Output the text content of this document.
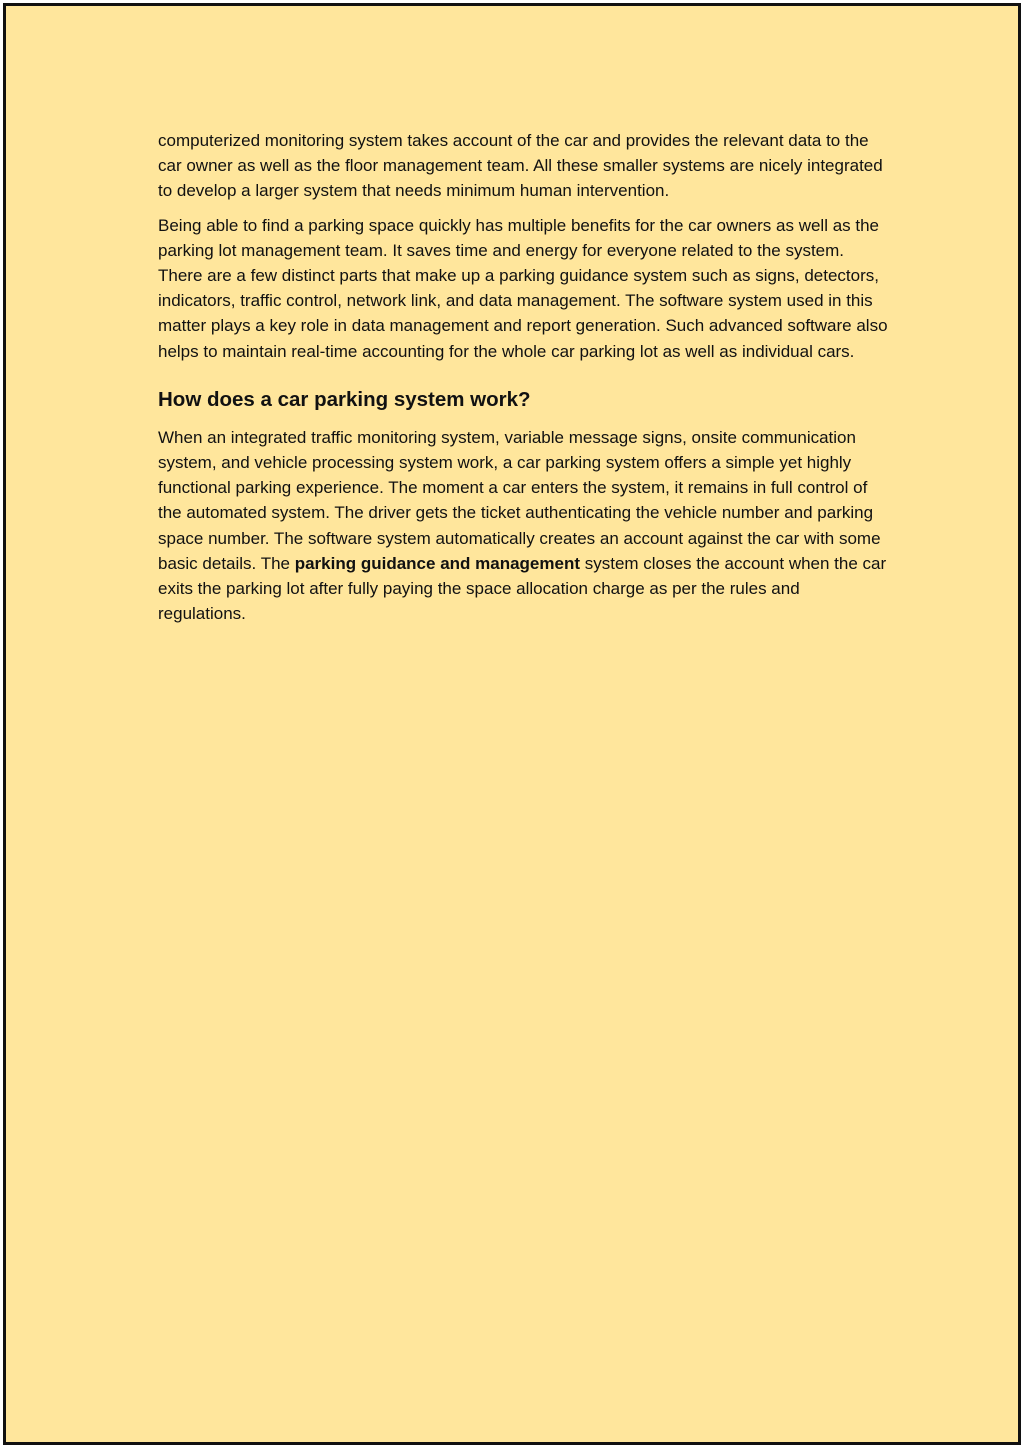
computerized monitoring system takes account of the car and provides the relevant data to the car owner as well as the floor management team. All these smaller systems are nicely integrated to develop a larger system that needs minimum human intervention.

Being able to find a parking space quickly has multiple benefits for the car owners as well as the parking lot management team. It saves time and energy for everyone related to the system. There are a few distinct parts that make up a parking guidance system such as signs, detectors, indicators, traffic control, network link, and data management. The software system used in this matter plays a key role in data management and report generation. Such advanced software also helps to maintain real-time accounting for the whole car parking lot as well as individual cars.

How does a car parking system work?

When an integrated traffic monitoring system, variable message signs, onsite communication system, and vehicle processing system work, a car parking system offers a simple yet highly functional parking experience. The moment a car enters the system, it remains in full control of the automated system. The driver gets the ticket authenticating the vehicle number and parking space number. The software system automatically creates an account against the car with some basic details. The parking guidance and management system closes the account when the car exits the parking lot after fully paying the space allocation charge as per the rules and regulations.
